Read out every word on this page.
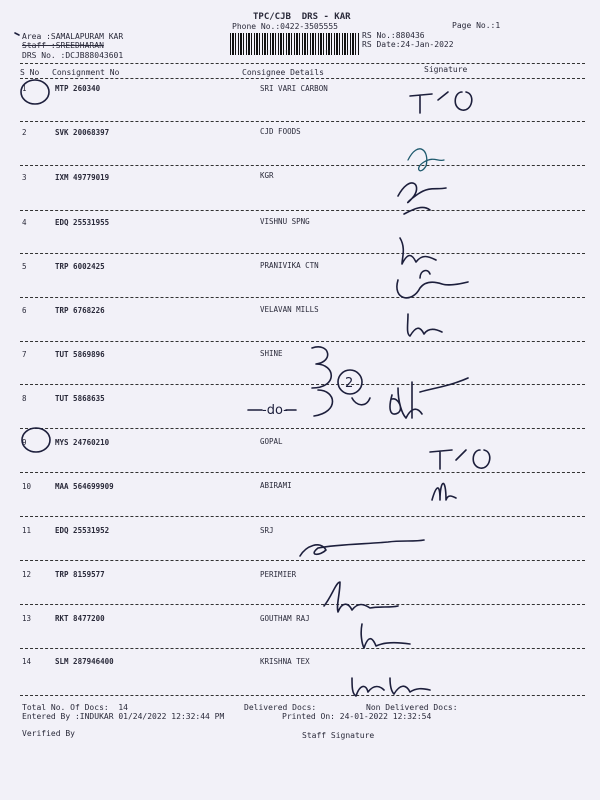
TPC/CJB  DRS - KAR
Phone No.:0422-3505555	Page No.:1
Area :SAMALAPURAM KAR
Staff :SREEDHARAN
DRS No. :DCJB88043601
RS No.:880436
RS Date:24-Jan-2022
S No Consignment No	Consignee Details	Signature
1	MTP 260340	SRI VARI CARBON
2	SVK 20068397	CJD FOODS
3	IXM 49779019	KGR
4	EDQ 25531955	VISHNU SPNG
5	TRP 6002425	PRANIVIKA CTN
6	TRP 6768226	VELAVAN MILLS
7	TUT 5869896	SHINE
8	TUT 5868635
9	MYS 24760210	GOPAL
10	MAA 564699909	ABIRAMI
11	EDQ 25531952	SRJ
12	TRP 8159577	PERIMIER
13	RKT 8477200	GOUTHAM RAJ
14	SLM 287946400	KRISHNA TEX
Total No. Of Docs:  14	Delivered Docs:	Non Delivered Docs:
Entered By :INDUKAR 01/24/2022 12:32:44 PM	Printed On: 24-01-2022 12:32:54
Verified By	Staff Signature
-do-
2
